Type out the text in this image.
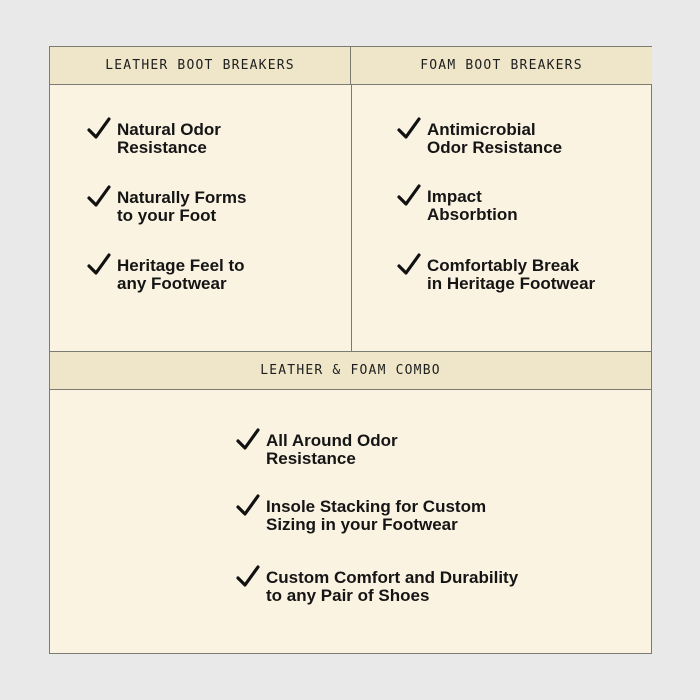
LEATHER BOOT BREAKERS	FOAM BOOT BREAKERS
Natural Odor
Resistance
Naturally Forms
to your Foot
Heritage Feel to
any Footwear
Antimicrobial
Odor Resistance
Impact
Absorbtion
Comfortably Break
in Heritage Footwear
LEATHER & FOAM COMBO
All Around Odor
Resistance
Insole Stacking for Custom
Sizing in your Footwear
Custom Comfort and Durability
to any Pair of Shoes
